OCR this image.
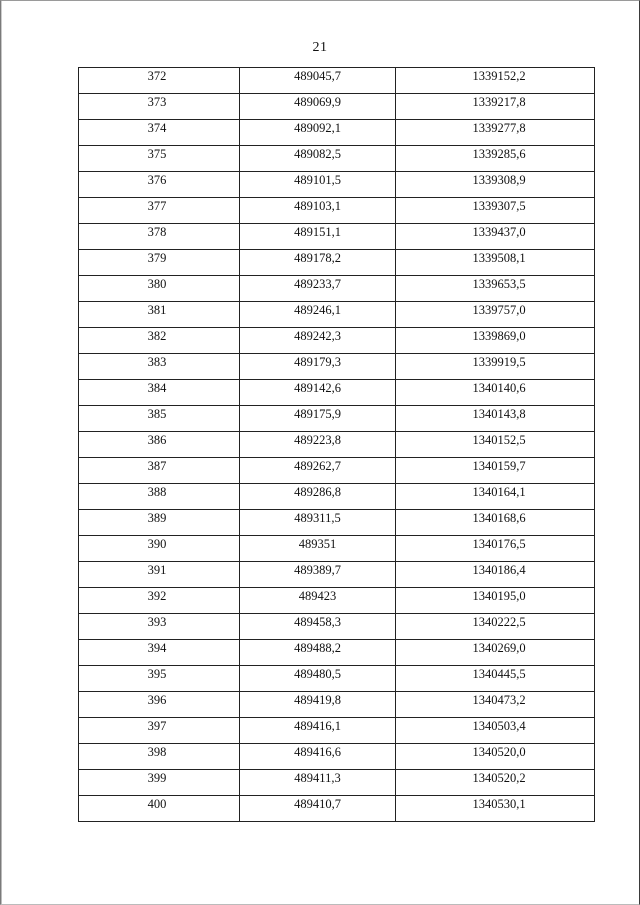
21
372	489045,7	1339152,2
373	489069,9	1339217,8
374	489092,1	1339277,8
375	489082,5	1339285,6
376	489101,5	1339308,9
377	489103,1	1339307,5
378	489151,1	1339437,0
379	489178,2	1339508,1
380	489233,7	1339653,5
381	489246,1	1339757,0
382	489242,3	1339869,0
383	489179,3	1339919,5
384	489142,6	1340140,6
385	489175,9	1340143,8
386	489223,8	1340152,5
387	489262,7	1340159,7
388	489286,8	1340164,1
389	489311,5	1340168,6
390	489351	1340176,5
391	489389,7	1340186,4
392	489423	1340195,0
393	489458,3	1340222,5
394	489488,2	1340269,0
395	489480,5	1340445,5
396	489419,8	1340473,2
397	489416,1	1340503,4
398	489416,6	1340520,0
399	489411,3	1340520,2
400	489410,7	1340530,1
